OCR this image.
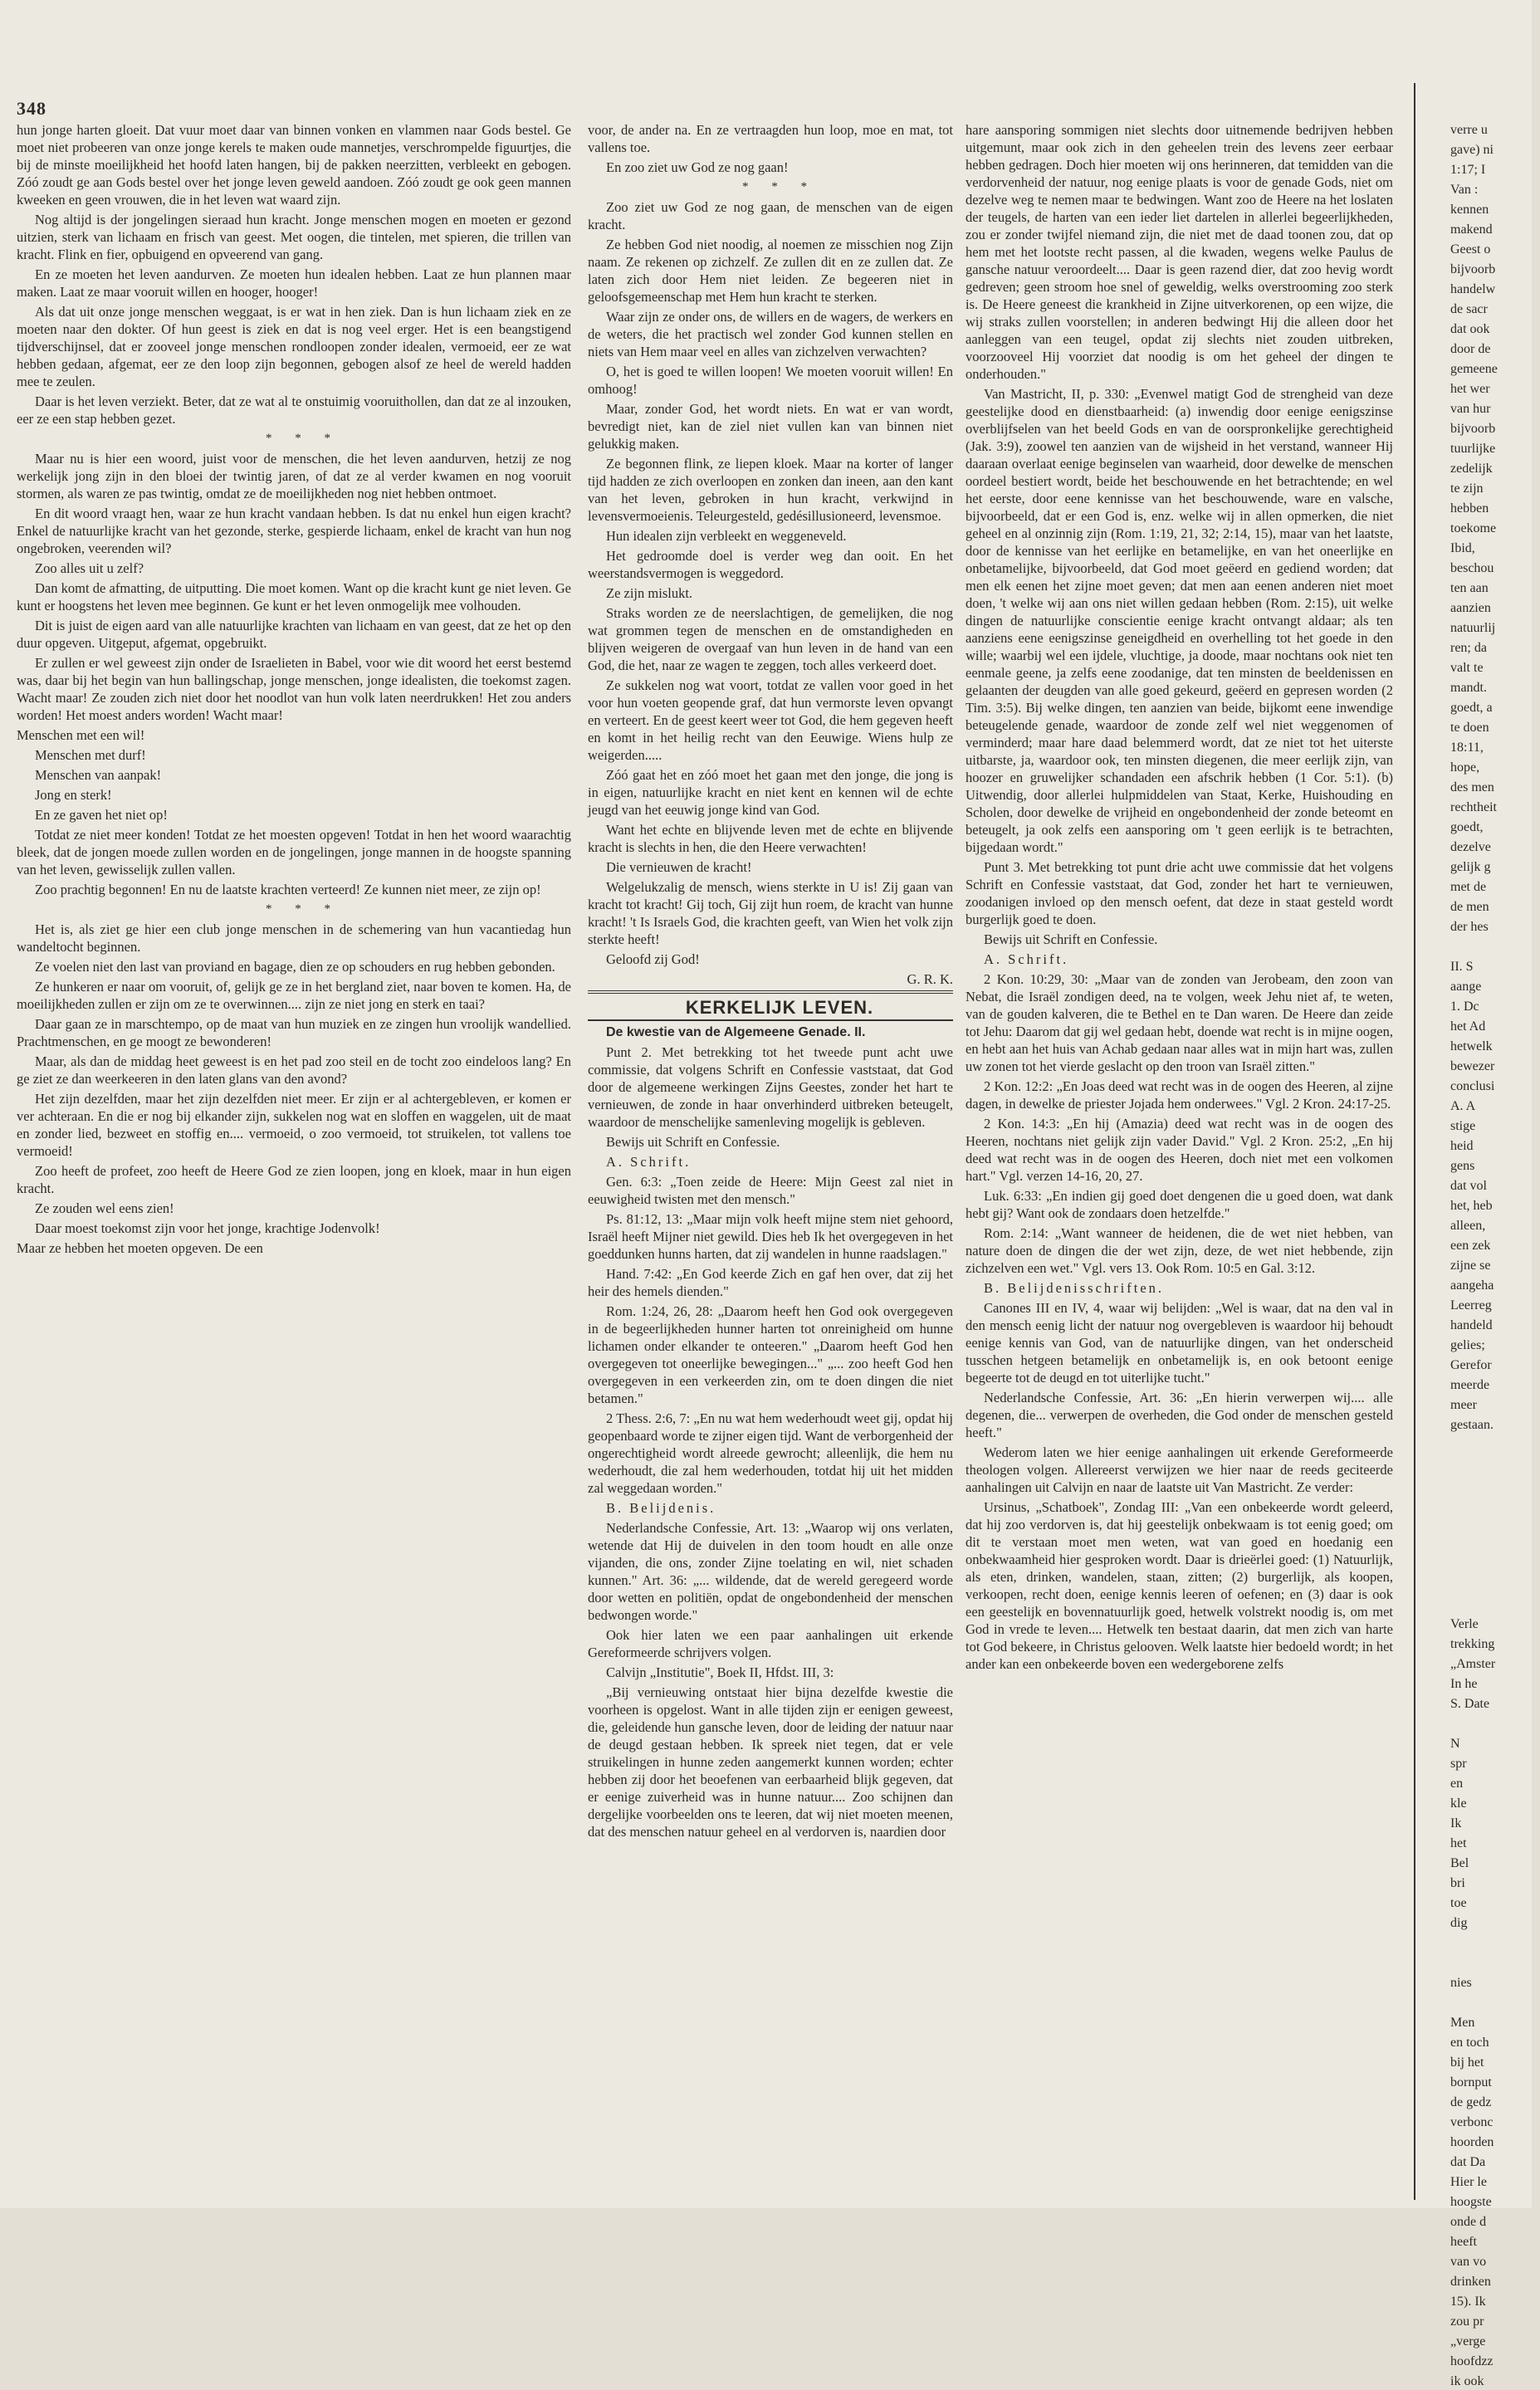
348

hun jonge harten gloeit. Dat vuur moet daar van binnen vonken en vlammen naar Gods bestel. Ge moet niet probeeren van onze jonge kerels te maken oude mannetjes, verschrompelde figuurtjes, die bij de minste moeilijkheid het hoofd laten hangen, bij de pakken neerzitten, verbleekt en gebogen. Zóó zoudt ge aan Gods bestel over het jonge leven geweld aandoen. Zóó zoudt ge ook geen mannen kweeken en geen vrouwen, die in het leven wat waard zijn.

Nog altijd is der jongelingen sieraad hun kracht. Jonge menschen mogen en moeten er gezond uitzien, sterk van lichaam en frisch van geest. Met oogen, die tintelen, met spieren, die trillen van kracht. Flink en fier, opbuigend en opveerend van gang.

En ze moeten het leven aandurven. Ze moeten hun idealen hebben. Laat ze hun plannen maar maken. Laat ze maar vooruit willen en hooger, hooger!

Als dat uit onze jonge menschen weggaat, is er wat in hen ziek. Dan is hun lichaam ziek en ze moeten naar den dokter. Of hun geest is ziek en dat is nog veel erger. Het is een beangstigend tijdverschijnsel, dat er zooveel jonge menschen rondloopen zonder idealen, vermoeid, eer ze wat hebben gedaan, afgemat, eer ze den loop zijn begonnen, gebogen alsof ze heel de wereld hadden mee te zeulen.

Daar is het leven verziekt. Beter, dat ze wat al te onstuimig vooruithollen, dan dat ze al inzouken, eer ze een stap hebben gezet.

* * *

Maar nu is hier een woord, juist voor de menschen, die het leven aandurven, hetzij ze nog werkelijk jong zijn in den bloei der twintig jaren, of dat ze al verder kwamen en nog vooruit stormen, als waren ze pas twintig, omdat ze de moeilijkheden nog niet hebben ontmoet.

En dit woord vraagt hen, waar ze hun kracht vandaan hebben. Is dat nu enkel hun eigen kracht? Enkel de natuurlijke kracht van het gezonde, sterke, gespierde lichaam, enkel de kracht van hun nog ongebroken, veerenden wil?

Zoo alles uit u zelf?

Dan komt de afmatting, de uitputting. Die moet komen. Want op die kracht kunt ge niet leven. Ge kunt er hoogstens het leven mee beginnen. Ge kunt er het leven onmogelijk mee volhouden.

Dit is juist de eigen aard van alle natuurlijke krachten van lichaam en van geest, dat ze het op den duur opgeven. Uitgeput, afgemat, opgebruikt.

Er zullen er wel geweest zijn onder de Israelieten in Babel, voor wie dit woord het eerst bestemd was, daar bij het begin van hun ballingschap, jonge menschen, jonge idealisten, die toekomst zagen. Wacht maar! Ze zouden zich niet door het noodlot van hun volk laten neerdrukken! Het zou anders worden! Het moest anders worden! Wacht maar!

Menschen met een wil!

Menschen met durf!

Menschen van aanpak!

Jong en sterk!

En ze gaven het niet op!

Totdat ze niet meer konden! Totdat ze het moesten opgeven! Totdat in hen het woord waarachtig bleek, dat de jongen moede zullen worden en de jongelingen, jonge mannen in de hoogste spanning van het leven, gewisselijk zullen vallen.

Zoo prachtig begonnen! En nu de laatste krachten verteerd! Ze kunnen niet meer, ze zijn op!

* * *

Het is, als ziet ge hier een club jonge menschen in de schemering van hun vacantiedag hun wandeltocht beginnen.

Ze voelen niet den last van proviand en bagage, dien ze op schouders en rug hebben gebonden.

Ze hunkeren er naar om vooruit, of, gelijk ge ze in het bergland ziet, naar boven te komen. Ha, de moeilijkheden zullen er zijn om ze te overwinnen.... zijn ze niet jong en sterk en taai?

Daar gaan ze in marschtempo, op de maat van hun muziek en ze zingen hun vroolijk wandellied. Prachtmenschen, en ge moogt ze bewonderen!

Maar, als dan de middag heet geweest is en het pad zoo steil en de tocht zoo eindeloos lang? En ge ziet ze dan weerkeeren in den laten glans van den avond?

Het zijn dezelfden, maar het zijn dezelfden niet meer. Er zijn er al achtergebleven, er komen er ver achteraan. En die er nog bij elkander zijn, sukkelen nog wat en sloffen en waggelen, uit de maat en zonder lied, bezweet en stoffig en.... vermoeid, o zoo vermoeid, tot struikelen, tot vallens toe vermoeid!

Zoo heeft de profeet, zoo heeft de Heere God ze zien loopen, jong en kloek, maar in hun eigen kracht.

Ze zouden wel eens zien!

Daar moest toekomst zijn voor het jonge, krachtige Jodenvolk!

Maar ze hebben het moeten opgeven. De een

voor, de ander na. En ze vertraagden hun loop, moe en mat, tot vallens toe.

En zoo ziet uw God ze nog gaan!

* * *

Zoo ziet uw God ze nog gaan, de menschen van de eigen kracht.

Ze hebben God niet noodig, al noemen ze misschien nog Zijn naam. Ze rekenen op zichzelf. Ze zullen dit en ze zullen dat. Ze laten zich door Hem niet leiden. Ze begeeren niet in geloofsgemeenschap met Hem hun kracht te sterken.

Waar zijn ze onder ons, de willers en de wagers, de werkers en de weters, die het practisch wel zonder God kunnen stellen en niets van Hem maar veel en alles van zichzelven verwachten?

O, het is goed te willen loopen! We moeten vooruit willen! En omhoog!

Maar, zonder God, het wordt niets. En wat er van wordt, bevredigt niet, kan de ziel niet vullen kan van binnen niet gelukkig maken.

Ze begonnen flink, ze liepen kloek. Maar na korter of langer tijd hadden ze zich overloopen en zonken dan ineen, aan den kant van het leven, gebroken in hun kracht, verkwijnd in levensvermoeienis. Teleurgesteld, gedésillusioneerd, levensmoe.

Hun idealen zijn verbleekt en weggeneveld.

Het gedroomde doel is verder weg dan ooit. En het weerstandsvermogen is weggedord.

Ze zijn mislukt.

Straks worden ze de neerslachtigen, de gemelijken, die nog wat grommen tegen de menschen en de omstandigheden en blijven weigeren de overgaaf van hun leven in de hand van een God, die het, naar ze wagen te zeggen, toch alles verkeerd doet.

Ze sukkelen nog wat voort, totdat ze vallen voor goed in het voor hun voeten geopende graf, dat hun vermorste leven opvangt en verteert. En de geest keert weer tot God, die hem gegeven heeft en komt in het heilig recht van den Eeuwige. Wiens hulp ze weigerden.....

Zóó gaat het en zóó moet het gaan met den jonge, die jong is in eigen, natuurlijke kracht en niet kent en kennen wil de echte jeugd van het eeuwig jonge kind van God.

Want het echte en blijvende leven met de echte en blijvende kracht is slechts in hen, die den Heere verwachten!

Die vernieuwen de kracht!

Welgelukzalig de mensch, wiens sterkte in U is! Zij gaan van kracht tot kracht! Gij toch, Gij zijt hun roem, de kracht van hunne kracht! 't Is Israels God, die krachten geeft, van Wien het volk zijn sterkte heeft!

Geloofd zij God!

G. R. K.

KERKELIJK LEVEN.

De kwestie van de Algemeene Genade. II.

Punt 2. Met betrekking tot het tweede punt acht uwe commissie, dat volgens Schrift en Confessie vaststaat, dat God door de algemeene werkingen Zijns Geestes, zonder het hart te vernieuwen, de zonde in haar onverhinderd uitbreken beteugelt, waardoor de menschelijke samenleving mogelijk is gebleven.

Bewijs uit Schrift en Confessie.

A. Schrift.

Gen. 6:3: „Toen zeide de Heere: Mijn Geest zal niet in eeuwigheid twisten met den mensch."

Ps. 81:12, 13: „Maar mijn volk heeft mijne stem niet gehoord, Israël heeft Mijner niet gewild. Dies heb Ik het overgegeven in het goeddunken hunns harten, dat zij wandelen in hunne raadslagen."

Hand. 7:42: „En God keerde Zich en gaf hen over, dat zij het heir des hemels dienden."

Rom. 1:24, 26, 28: „Daarom heeft hen God ook overgegeven in de begeerlijkheden hunner harten tot onreinigheid om hunne lichamen onder elkander te onteeren." „Daarom heeft God hen overgegeven tot oneerlijke bewegingen..." „... zoo heeft God hen overgegeven in een verkeerden zin, om te doen dingen die niet betamen."

2 Thess. 2:6, 7: „En nu wat hem wederhoudt weet gij, opdat hij geopenbaard worde te zijner eigen tijd. Want de verborgenheid der ongerechtigheid wordt alreede gewrocht; alleenlijk, die hem nu wederhoudt, die zal hem wederhouden, totdat hij uit het midden zal weggedaan worden."

B. Belijdenis.

Nederlandsche Confessie, Art. 13: „Waarop wij ons verlaten, wetende dat Hij de duivelen in den toom houdt en alle onze vijanden, die ons, zonder Zijne toelating en wil, niet schaden kunnen." Art. 36: „... wildende, dat de wereld geregeerd worde door wetten en politiën, opdat de ongebondenheid der menschen bedwongen worde."

Ook hier laten we een paar aanhalingen uit erkende Gereformeerde schrijvers volgen.

Calvijn „Institutie", Boek II, Hfdst. III, 3:

„Bij vernieuwing ontstaat hier bijna dezelfde kwestie die voorheen is opgelost. Want in alle tijden zijn er eenigen geweest, die, geleidende hun gansche leven, door de leiding der natuur naar de deugd gestaan hebben. Ik spreek niet tegen, dat er vele struikelingen in hunne zeden aangemerkt kunnen worden; echter hebben zij door het beoefenen van eerbaarheid blijk gegeven, dat er eenige zuiverheid was in hunne natuur.... Zoo schijnen dan dergelijke voorbeelden ons te leeren, dat wij niet moeten meenen, dat des menschen natuur geheel en al verdorven is, naardien door

hare aansporing sommigen niet slechts door uitnemende bedrijven hebben uitgemunt, maar ook zich in den geheelen trein des levens zeer eerbaar hebben gedragen. Doch hier moeten wij ons herinneren, dat temidden van die verdorvenheid der natuur, nog eenige plaats is voor de genade Gods, niet om dezelve weg te nemen maar te bedwingen. Want zoo de Heere na het loslaten der teugels, de harten van een ieder liet dartelen in allerlei begeerlijkheden, zou er zonder twijfel niemand zijn, die niet met de daad toonen zou, dat op hem met het lootste recht passen, al die kwaden, wegens welke Paulus de gansche natuur veroordeelt.... Daar is geen razend dier, dat zoo hevig wordt gedreven; geen stroom hoe snel of geweldig, welks overstrooming zoo sterk is. De Heere geneest die krankheid in Zijne uitverkorenen, op een wijze, die wij straks zullen voorstellen; in anderen bedwingt Hij die alleen door het aanleggen van een teugel, opdat zij slechts niet zouden uitbreken, voorzooveel Hij voorziet dat noodig is om het geheel der dingen te onderhouden."

Van Mastricht, II, p. 330: „Evenwel matigt God de strengheid van deze geestelijke dood en dienstbaarheid: (a) inwendig door eenige eenigszinse overblijfselen van het beeld Gods en van de oorspronkelijke gerechtigheid (Jak. 3:9), zoowel ten aanzien van de wijsheid in het verstand, wanneer Hij daaraan overlaat eenige beginselen van waarheid, door dewelke de menschen oordeel bestiert wordt, beide het beschouwende en het betrachtende; en wel het eerste, door eene kennisse van het beschouwende, ware en valsche, bijvoorbeeld, dat er een God is, enz. welke wij in allen opmerken, die niet geheel en al onzinnig zijn (Rom. 1:19, 21, 32; 2:14, 15), maar van het laatste, door de kennisse van het eerlijke en betamelijke, en van het oneerlijke en onbetamelijke, bijvoorbeeld, dat God moet geëerd en gediend worden; dat men elk eenen het zijne moet geven; dat men aan eenen anderen niet moet doen, 't welke wij aan ons niet willen gedaan hebben (Rom. 2:15), uit welke dingen de natuurlijke conscientie eenige kracht ontvangt aldaar; als ten aanziens eene eenigszinse geneigdheid en overhelling tot het goede in den wille; waarbij wel een ijdele, vluchtige, ja doode, maar nochtans ook niet ten eenmale geene, ja zelfs eene zoodanige, dat ten minsten de beeldenissen en gelaanten der deugden van alle goed gekeurd, geëerd en gepresen worden (2 Tim. 3:5). Bij welke dingen, ten aanzien van beide, bijkomt eene inwendige beteugelende genade, waardoor de zonde zelf wel niet weggenomen of verminderd; maar hare daad belemmerd wordt, dat ze niet tot het uiterste uitbarste, ja, waardoor ook, ten minsten diegenen, die meer eerlijk zijn, van hoozer en gruwelijker schandaden een afschrik hebben (1 Cor. 5:1). (b) Uitwendig, door allerlei hulpmiddelen van Staat, Kerke, Huishouding en Scholen, door dewelke de vrijheid en ongebondenheid der zonde beteomt en beteugelt, ja ook zelfs een aansporing om 't geen eerlijk is te betrachten, bijgedaan wordt."

Punt 3. Met betrekking tot punt drie acht uwe commissie dat het volgens Schrift en Confessie vaststaat, dat God, zonder het hart te vernieuwen, zoodanigen invloed op den mensch oefent, dat deze in staat gesteld wordt burgerlijk goed te doen.

Bewijs uit Schrift en Confessie.

A. Schrift.

2 Kon. 10:29, 30: „Maar van de zonden van Jerobeam, den zoon van Nebat, die Israël zondigen deed, na te volgen, week Jehu niet af, te weten, van de gouden kalveren, die te Bethel en te Dan waren. De Heere dan zeide tot Jehu: Daarom dat gij wel gedaan hebt, doende wat recht is in mijne oogen, en hebt aan het huis van Achab gedaan naar alles wat in mijn hart was, zullen uw zonen tot het vierde geslacht op den troon van Israël zitten."

2 Kon. 12:2: „En Joas deed wat recht was in de oogen des Heeren, al zijne dagen, in dewelke de priester Jojada hem onderwees." Vgl. 2 Kron. 24:17-25.

2 Kon. 14:3: „En hij (Amazia) deed wat recht was in de oogen des Heeren, nochtans niet gelijk zijn vader David." Vgl. 2 Kron. 25:2, „En hij deed wat recht was in de oogen des Heeren, doch niet met een volkomen hart." Vgl. verzen 14-16, 20, 27.

Luk. 6:33: „En indien gij goed doet dengenen die u goed doen, wat dank hebt gij? Want ook de zondaars doen hetzelfde."

Rom. 2:14: „Want wanneer de heidenen, die de wet niet hebben, van nature doen de dingen die der wet zijn, deze, de wet niet hebbende, zijn zichzelven een wet." Vgl. vers 13. Ook Rom. 10:5 en Gal. 3:12.

B. Belijdenisschriften.

Canones III en IV, 4, waar wij belijden: „Wel is waar, dat na den val in den mensch eenig licht der natuur nog overgebleven is waardoor hij behoudt eenige kennis van God, van de natuurlijke dingen, van het onderscheid tusschen hetgeen betamelijk en onbetamelijk is, en ook betoont eenige begeerte tot de deugd en tot uiterlijke tucht."

Nederlandsche Confessie, Art. 36: „En hierin verwerpen wij.... alle degenen, die... verwerpen de overheden, die God onder de menschen gesteld heeft."

Wederom laten we hier eenige aanhalingen uit erkende Gereformeerde theologen volgen. Allereerst verwijzen we hier naar de reeds geciteerde aanhalingen uit Calvijn en naar de laatste uit Van Mastricht. Ze verder:

Ursinus, „Schatboek", Zondag III: „Van een onbekeerde wordt geleerd, dat hij zoo verdorven is, dat hij geestelijk onbekwaam is tot eenig goed; om dit te verstaan moet men weten, wat van goed en hoedanig een onbekwaamheid hier gesproken wordt. Daar is drieërlei goed: (1) Natuurlijk, als eten, drinken, wandelen, staan, zitten; (2) burgerlijk, als koopen, verkoopen, recht doen, eenige kennis leeren of oefenen; en (3) daar is ook een geestelijk en bovennatuurlijk goed, hetwelk volstrekt noodig is, om met God in vrede te leven.... Hetwelk ten bestaat daarin, dat men zich van harte tot God bekeere, in Christus gelooven. Welk laatste hier bedoeld wordt; in het ander kan een onbekeerde boven een wedergeborene zelfs

verre u

gave) ni

1:17; I

Van :

kennen

makend

Geest o

bijvoorb

handelw

de sacr

dat ook

door de

gemeene

het wer

van hur

bijvoorb

tuurlijke

zedelijk

te zijn

hebben

toekome

Ibid,

beschou

ten aan

aanzien

natuurlij

ren; da

valt te

mandt.

goedt, a

te doen

18:11,

hope,

des men

rechtheit

goedt,

dezelve

gelijk g

met de

de men

der hes

II. S

aange

1. Dc

het Ad

hetwelk

bewezer

conclusi

A. A

stige

heid

gens

dat vol

het, heb

alleen,

een zek

zijne se

aangeha

Leerreg

handeld

gelies;

Gerefor

meerde

meer

gestaan.

Verle

trekking

„Amster

In he

S. Date

N

spr

en

kle

Ik

het

Bel

bri

toe

dig

nies

Men

en toch

bij het

bornput

de gedz

verbonc

hoorden

dat Da

Hier le

hoogste

onde d

heeft

van vo

drinken

15). Ik

zou pr

„verge

hoofdzz

ik ook
